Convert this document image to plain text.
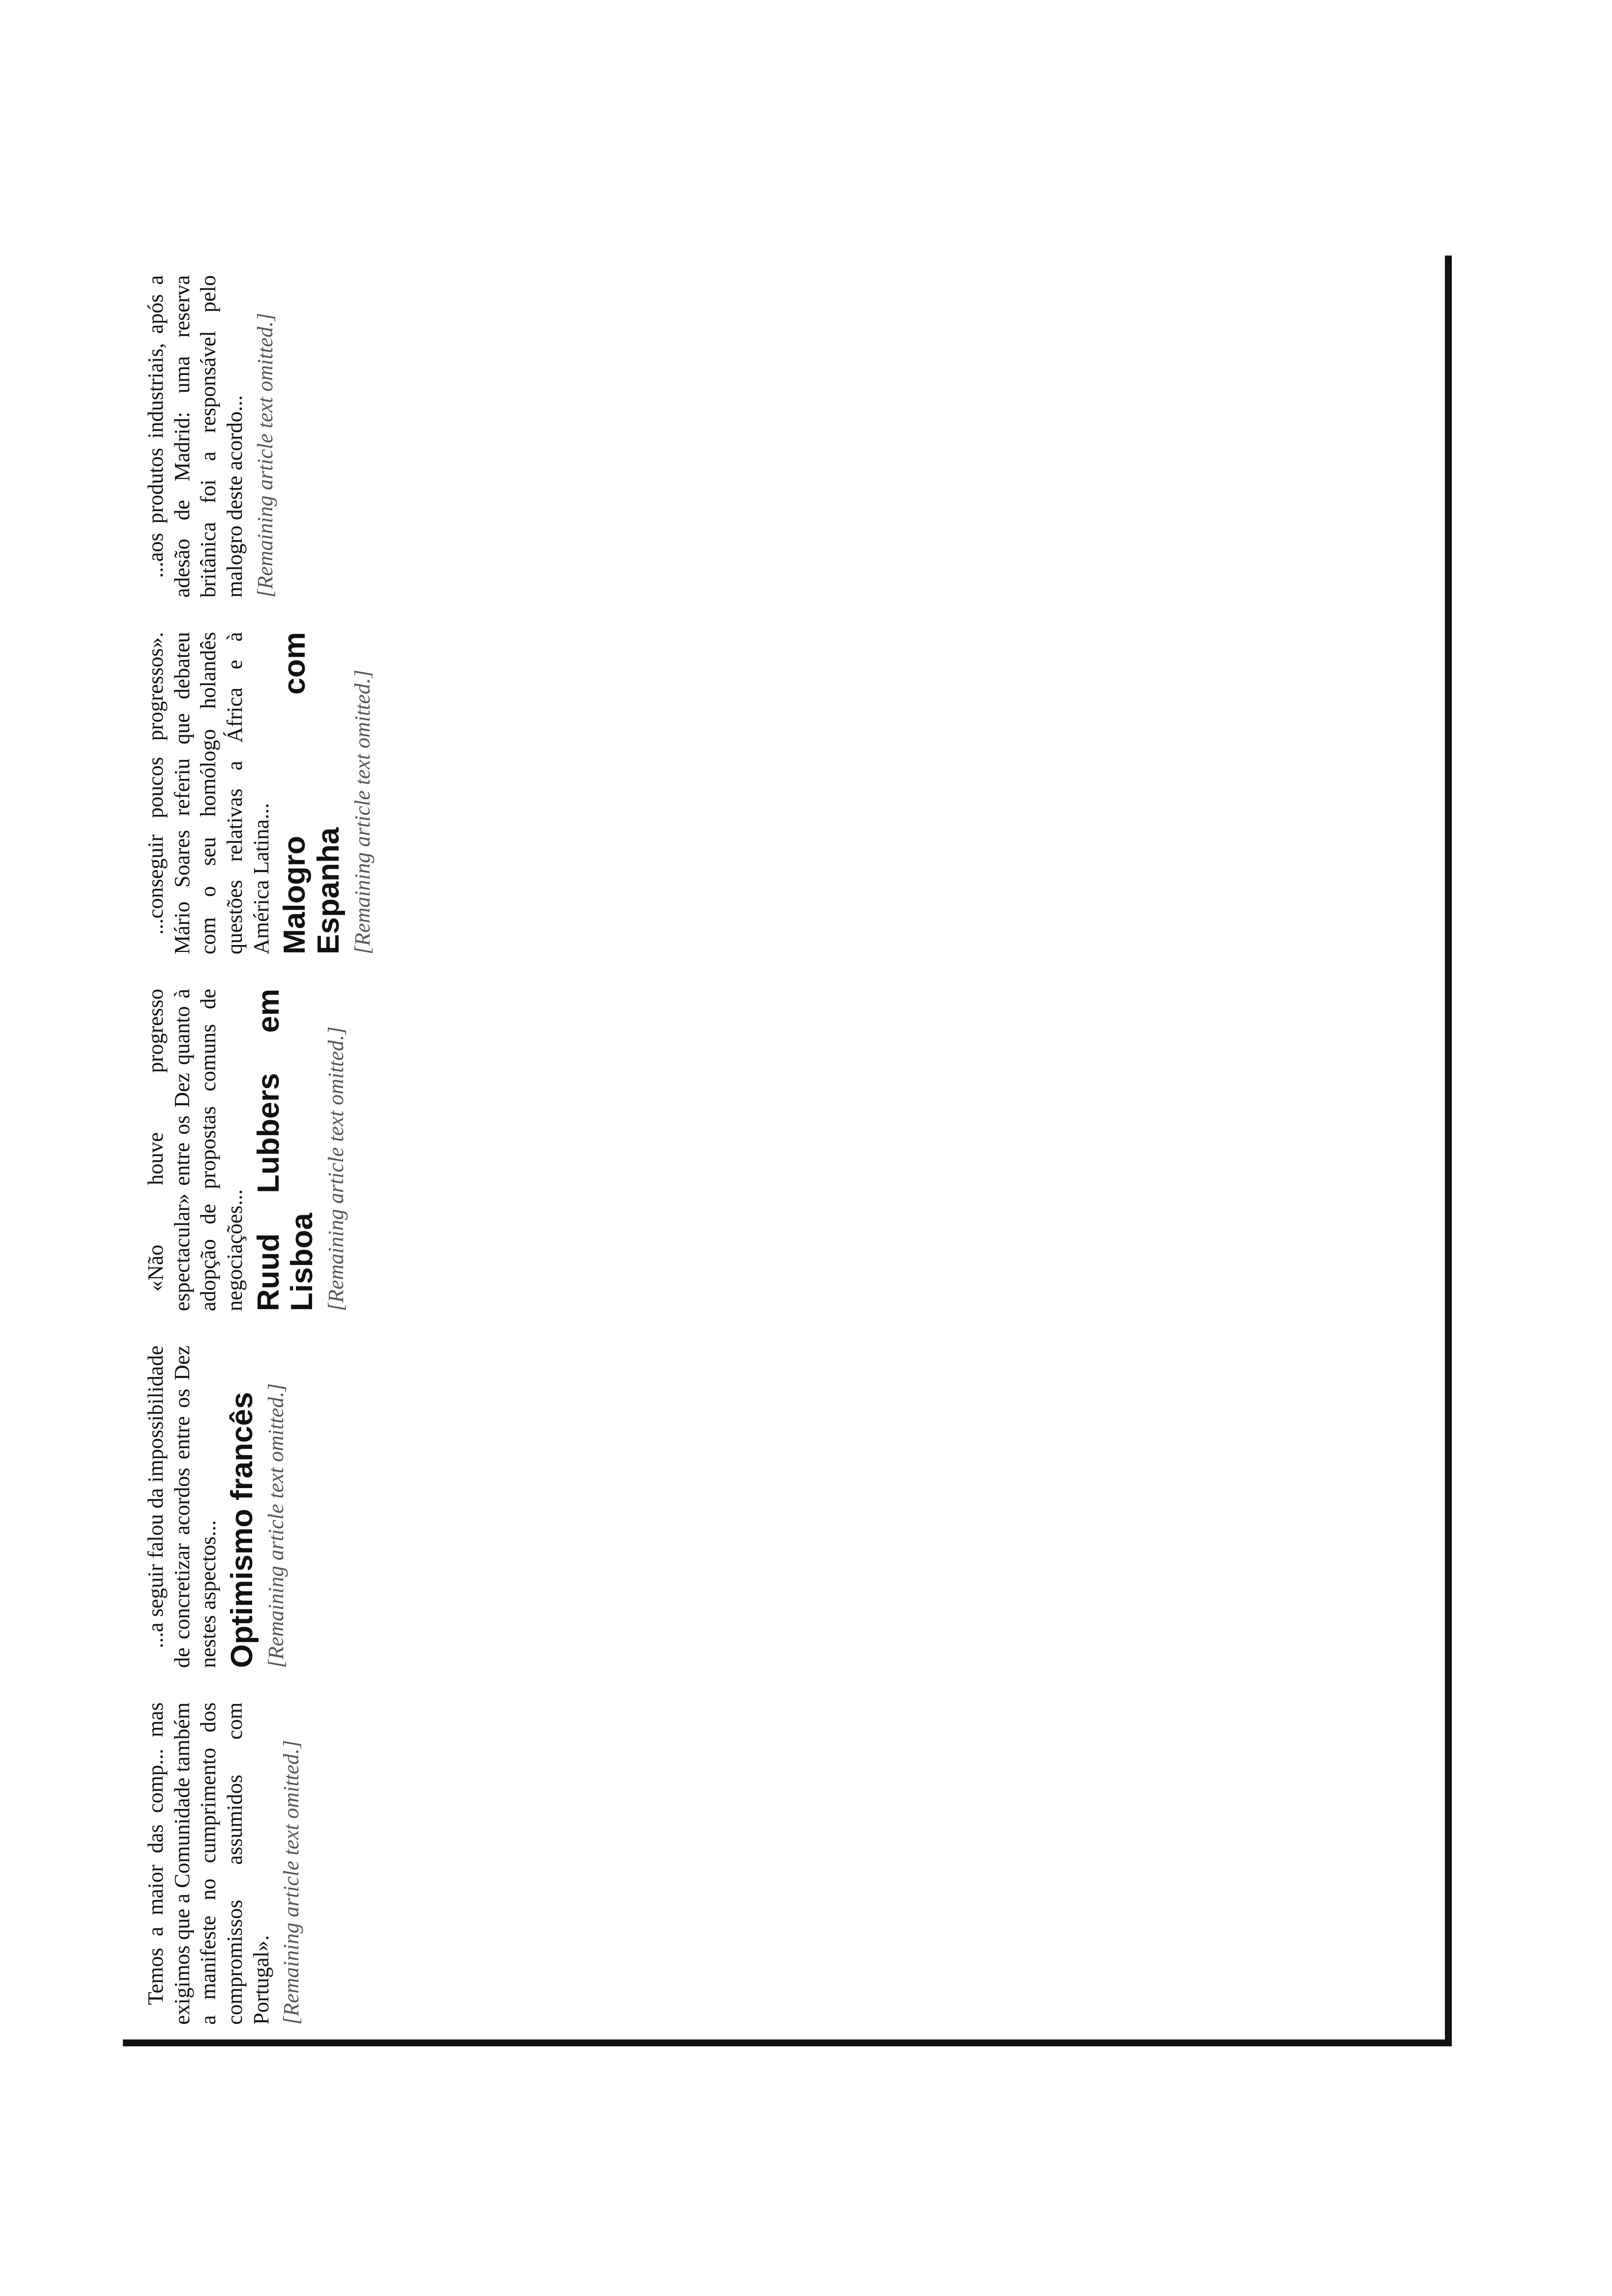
Temos a maior das comp... mas exigimos que a Comunidade também a manifeste no cumprimento dos compromissos assumidos com Portugal». [Remaining article text omitted.]

...a seguir falou da impossibilidade de concretizar acordos entre os Dez nestes aspectos... Optimismo francês [Remaining article text omitted.]

«Não houve progresso espectacular» entre os Dez quanto à adopção de propostas comuns de negociações... Ruud Lubbers em Lisboa [Remaining article text omitted.]

...conseguir poucos progressos». Mário Soares referiu que debateu com o seu homólogo holandês questões relativas a África e à América Latina... Malogro com Espanha [Remaining article text omitted.]

...aos produtos industriais, após a adesão de Madrid: uma reserva britânica foi a responsável pelo malogro deste acordo... [Remaining article text omitted.]
